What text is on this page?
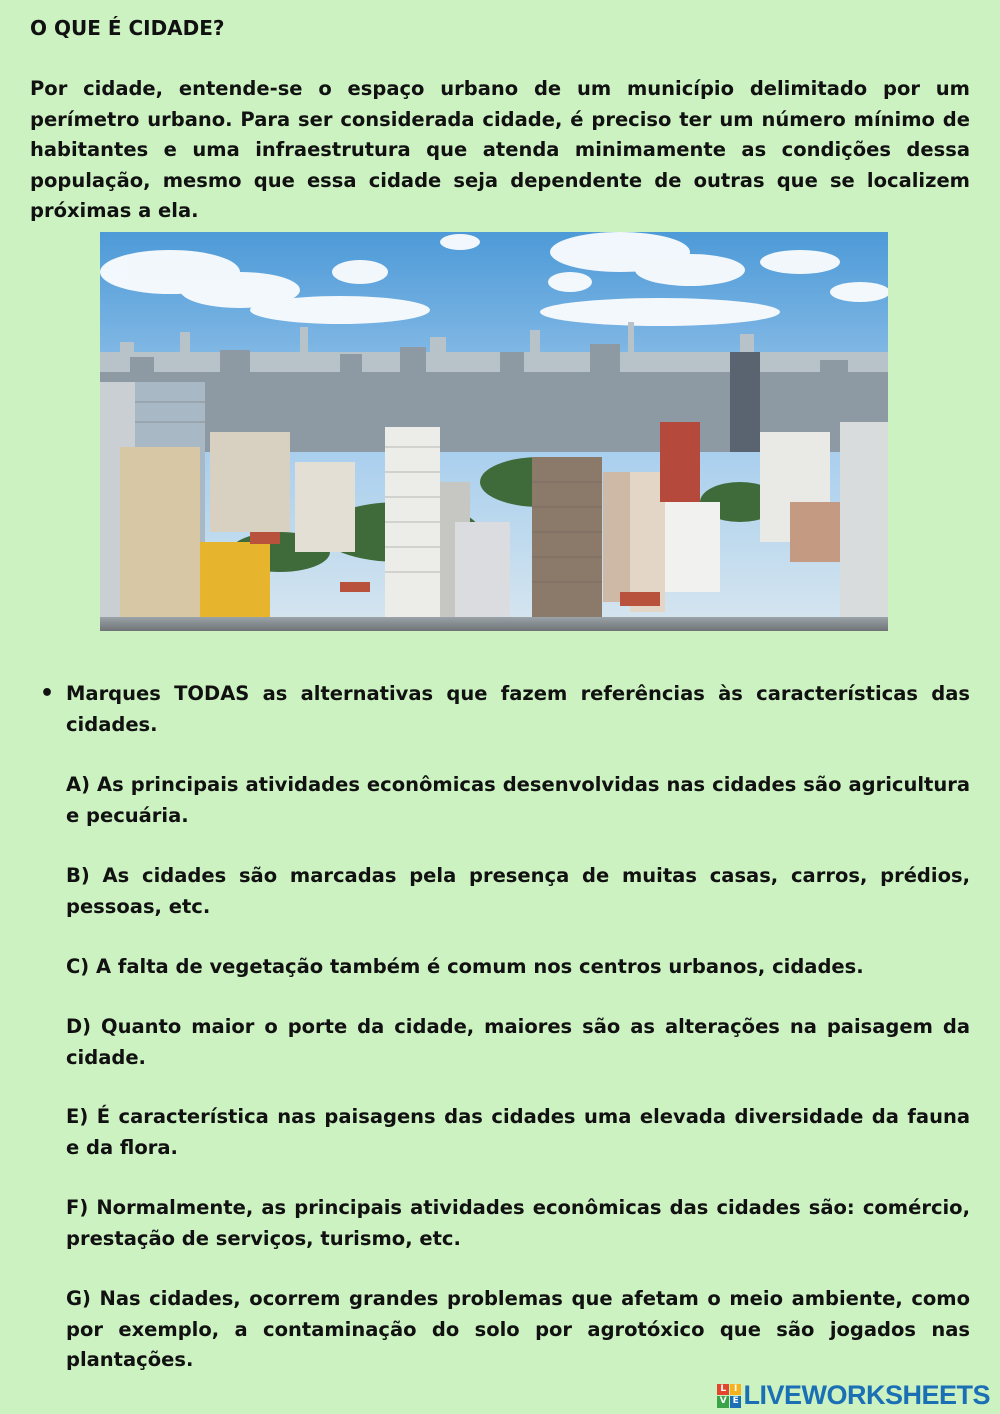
O QUE É CIDADE?

Por cidade, entende-se o espaço urbano de um município delimitado por um perímetro urbano. Para ser considerada cidade, é preciso ter um número mínimo de habitantes e uma infraestrutura que atenda minimamente as condições dessa população, mesmo que essa cidade seja dependente de outras que se localizem próximas a ela.

• Marques TODAS as alternativas que fazem referências às características das cidades.

A) As principais atividades econômicas desenvolvidas nas cidades são agricultura e pecuária.

B) As cidades são marcadas pela presença de muitas casas, carros, prédios, pessoas, etc.

C) A falta de vegetação também é comum nos centros urbanos, cidades.

D) Quanto maior o porte da cidade, maiores são as alterações na paisagem da cidade.

E) É característica nas paisagens das cidades uma elevada diversidade da fauna e da flora.

F) Normalmente, as principais atividades econômicas das cidades são: comércio, prestação de serviços, turismo, etc.

G) Nas cidades, ocorrem grandes problemas que afetam o meio ambiente, como por exemplo, a contaminação do solo por agrotóxico que são jogados nas plantações.

L I
V E LIVEWORKSHEETS
